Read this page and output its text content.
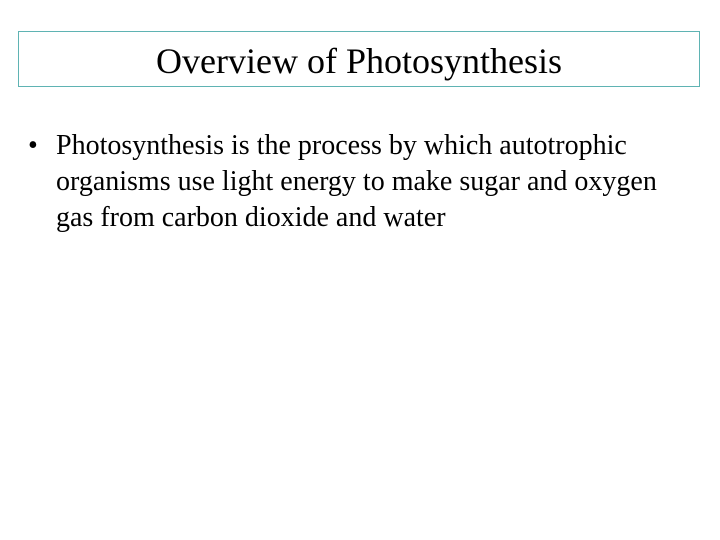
Overview of Photosynthesis
• Photosynthesis is the process by which autotrophic organisms use light energy to make sugar and oxygen gas from carbon dioxide and water
